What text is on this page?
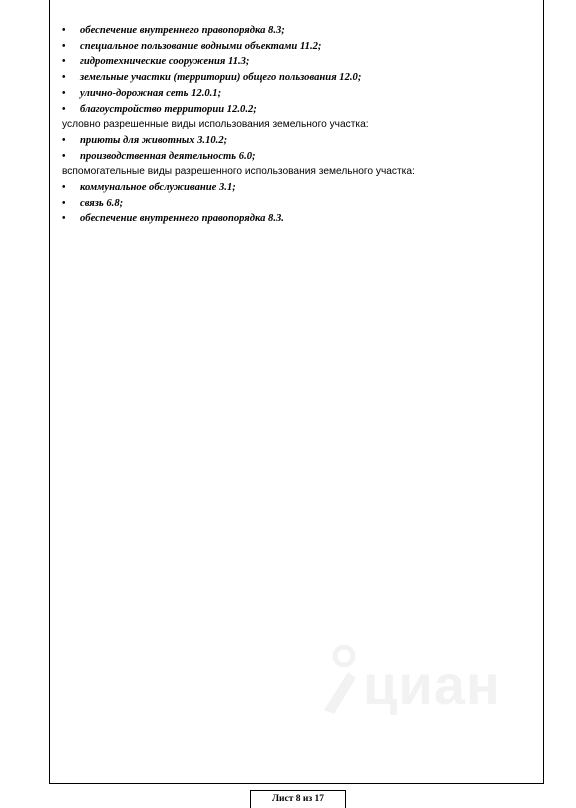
• обеспечение внутреннего правопорядка 8.3;
• специальное пользование водными объектами 11.2;
• гидротехнические сооружения 11.3;
• земельные участки (территории) общего пользования 12.0;
• улично-дорожная сеть 12.0.1;
• благоустройство территории 12.0.2;
условно разрешенные виды использования земельного участка:
• приюты для животных 3.10.2;
• производственная деятельность 6.0;
вспомогательные виды разрешенного использования земельного участка:
• коммунальное обслуживание 3.1;
• связь 6.8;
• обеспечение внутреннего правопорядка 8.3.
циан
Лист 8 из 17
